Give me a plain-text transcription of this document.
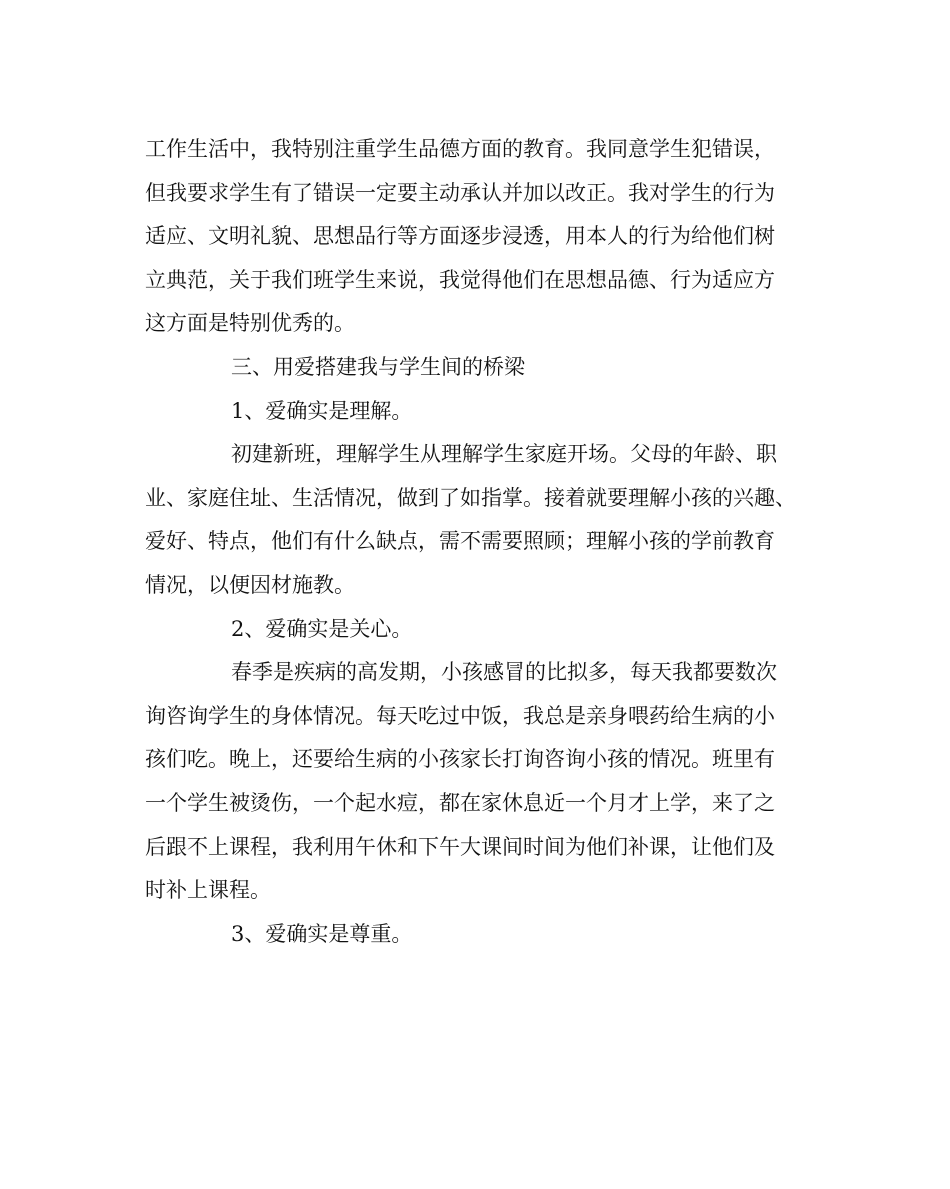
工作生活中，我特别注重学生品德方面的教育。我同意学生犯错误，
但我要求学生有了错误一定要主动承认并加以改正。我对学生的行为
适应、文明礼貌、思想品行等方面逐步浸透，用本人的行为给他们树
立典范，关于我们班学生来说，我觉得他们在思想品德、行为适应方
这方面是特别优秀的。
三、用爱搭建我与学生间的桥梁
1、爱确实是理解。
初建新班，理解学生从理解学生家庭开场。父母的年龄、职
业、家庭住址、生活情况，做到了如指掌。接着就要理解小孩的兴趣、
爱好、特点，他们有什么缺点，需不需要照顾；理解小孩的学前教育
情况，以便因材施教。
2、爱确实是关心。
春季是疾病的高发期，小孩感冒的比拟多，每天我都要数次
询咨询学生的身体情况。每天吃过中饭，我总是亲身喂药给生病的小
孩们吃。晚上，还要给生病的小孩家长打询咨询小孩的情况。班里有
一个学生被烫伤，一个起水痘，都在家休息近一个月才上学，来了之
后跟不上课程，我利用午休和下午大课间时间为他们补课，让他们及
时补上课程。
3、爱确实是尊重。
